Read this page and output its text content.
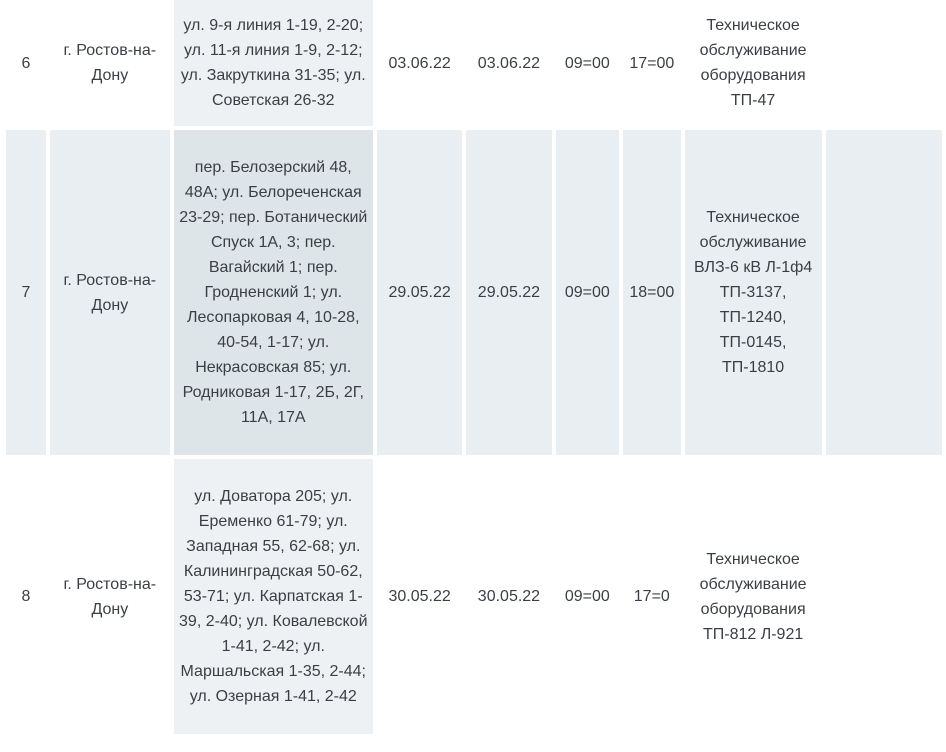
6	г. Ростов-на-Дону	ул. 9-я линия 1-19, 2-20; ул. 11-я линия 1-9, 2-12; ул. Закруткина 31-35; ул. Советская 26-32	03.06.22	03.06.22	09=00	17=00	Техническое обслуживание оборудования ТП-47	
7	г. Ростов-на-Дону	пер. Белозерский 48, 48А; ул. Белореченская 23-29; пер. Ботанический Спуск 1А, 3; пер. Вагайский 1; пер. Гродненский 1; ул. Лесопарковая 4, 10-28, 40-54, 1-17; ул. Некрасовская 85; ул. Родниковая 1-17, 2Б, 2Г, 11А, 17А	29.05.22	29.05.22	09=00	18=00	Техническое обслуживание ВЛЗ-6 кВ Л-1ф4 ТП-3137, ТП-1240, ТП-0145, ТП-1810	
8	г. Ростов-на-Дону	ул. Доватора 205; ул. Еременко 61-79; ул. Западная 55, 62-68; ул. Калининградская 50-62, 53-71; ул. Карпатская 1-39, 2-40; ул. Ковалевской 1-41, 2-42; ул. Маршальская 1-35, 2-44; ул. Озерная 1-41, 2-42	30.05.22	30.05.22	09=00	17=0	Техническое обслуживание оборудования ТП-812 Л-921	
